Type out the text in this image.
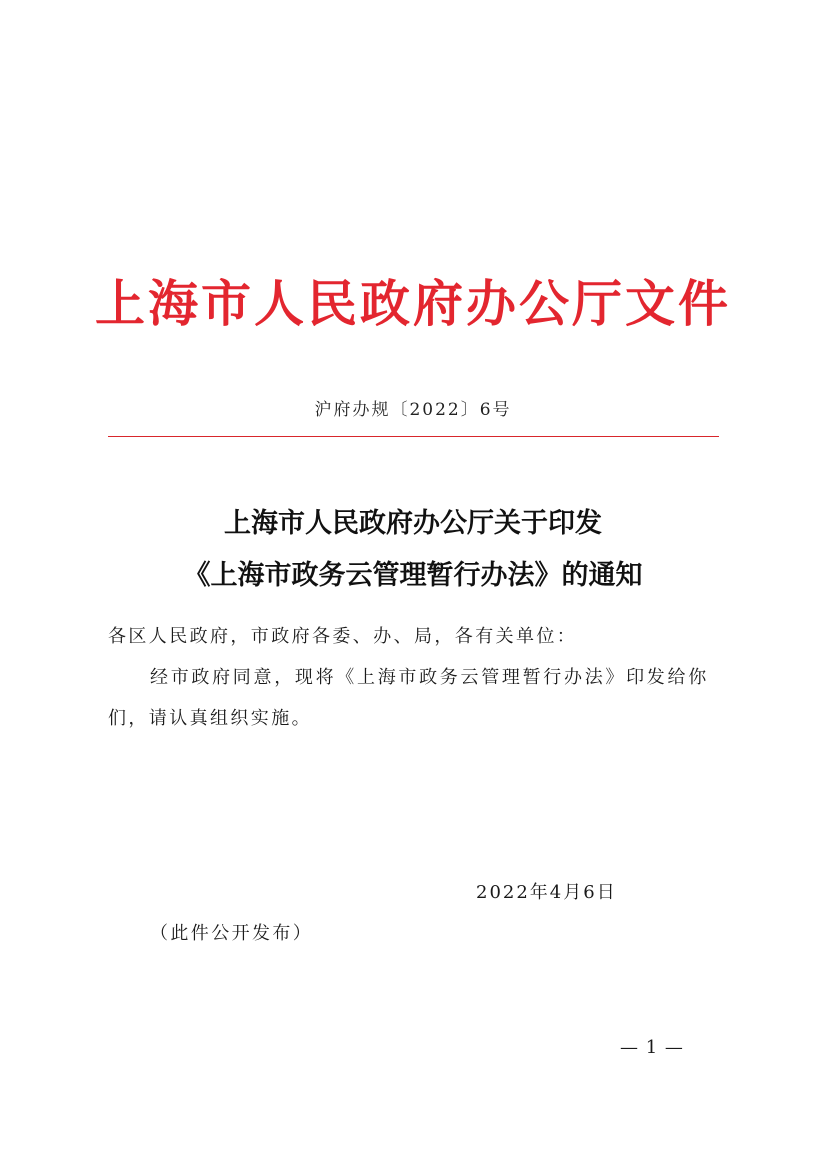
上海市人民政府办公厅文件
沪府办规〔2022〕6号
上海市人民政府办公厅关于印发
《上海市政务云管理暂行办法》的通知
各区人民政府，市政府各委、办、局，各有关单位：
经市政府同意，现将《上海市政务云管理暂行办法》印发给你
们，请认真组织实施。
2022年4月6日
（此件公开发布）
— 1 —
